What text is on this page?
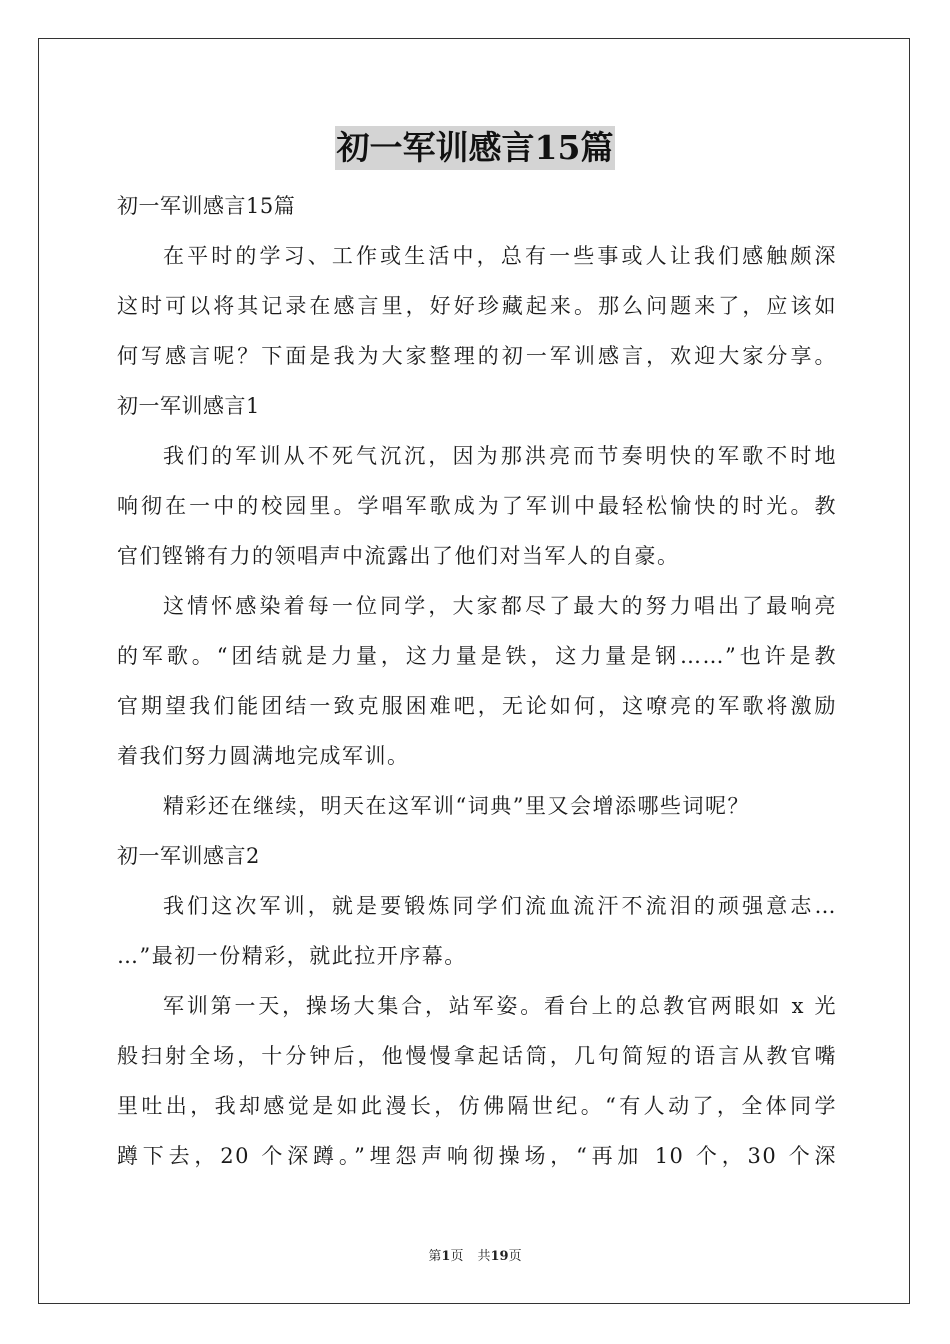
初一军训感言15篇
初一军训感言15篇
在平时的学习、工作或生活中，总有一些事或人让我们感触颇深
这时可以将其记录在感言里，好好珍藏起来。那么问题来了，应该如
何写感言呢？下面是我为大家整理的初一军训感言，欢迎大家分享。
初一军训感言1
我们的军训从不死气沉沉，因为那洪亮而节奏明快的军歌不时地
响彻在一中的校园里。学唱军歌成为了军训中最轻松愉快的时光。教
官们铿锵有力的领唱声中流露出了他们对当军人的自豪。
这情怀感染着每一位同学，大家都尽了最大的努力唱出了最响亮
的军歌。“团结就是力量，这力量是铁，这力量是钢……”也许是教
官期望我们能团结一致克服困难吧，无论如何，这嘹亮的军歌将激励
着我们努力圆满地完成军训。
精彩还在继续，明天在这军训“词典”里又会增添哪些词呢？
初一军训感言2
我们这次军训，就是要锻炼同学们流血流汗不流泪的顽强意志…
…”最初一份精彩，就此拉开序幕。
军训第一天，操场大集合，站军姿。看台上的总教官两眼如 x 光
般扫射全场，十分钟后，他慢慢拿起话筒，几句简短的语言从教官嘴
里吐出，我却感觉是如此漫长，仿佛隔世纪。“有人动了，全体同学
蹲下去，20 个深蹲。”埋怨声响彻操场，“再加 10 个，30 个深
第1页 共19页
